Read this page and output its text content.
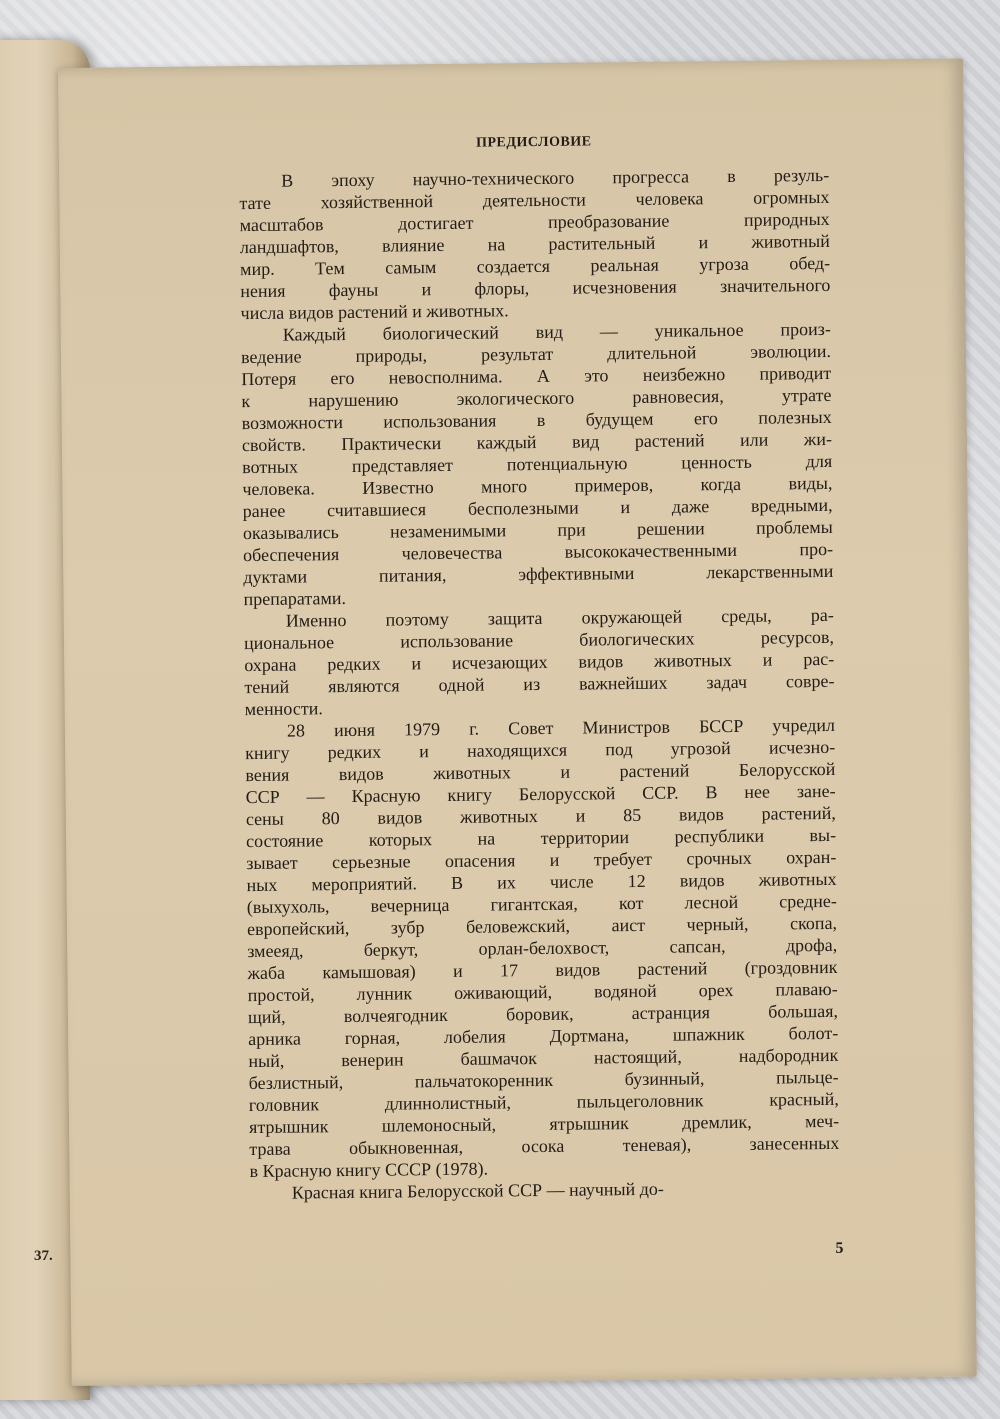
37.
ПРЕДИСЛОВИЕ
В эпоху научно-технического прогресса в резуль-
тате хозяйственной деятельности человека огромных
масштабов достигает преобразование природных
ландшафтов, влияние на растительный и животный
мир. Тем самым создается реальная угроза обед-
нения фауны и флоры, исчезновения значительного
числа видов растений и животных.
Каждый биологический вид — уникальное произ-
ведение природы, результат длительной эволюции.
Потеря его невосполнима. А это неизбежно приводит
к нарушению экологического равновесия, утрате
возможности использования в будущем его полезных
свойств. Практически каждый вид растений или жи-
вотных представляет потенциальную ценность для
человека. Известно много примеров, когда виды,
ранее считавшиеся бесполезными и даже вредными,
оказывались незаменимыми при решении проблемы
обеспечения человечества высококачественными про-
дуктами питания, эффективными лекарственными
препаратами.
Именно поэтому защита окружающей среды, ра-
циональное использование биологических ресурсов,
охрана редких и исчезающих видов животных и рас-
тений являются одной из важнейших задач совре-
менности.
28 июня 1979 г. Совет Министров БССР учредил
книгу редких и находящихся под угрозой исчезно-
вения видов животных и растений Белорусской
ССР — Красную книгу Белорусской ССР. В нее зане-
сены 80 видов животных и 85 видов растений,
состояние которых на территории республики вы-
зывает серьезные опасения и требует срочных охран-
ных мероприятий. В их числе 12 видов животных
(выхухоль, вечерница гигантская, кот лесной средне-
европейский, зубр беловежский, аист черный, скопа,
змееяд, беркут, орлан-белохвост, сапсан, дрофа,
жаба камышовая) и 17 видов растений (гроздовник
простой, лунник оживающий, водяной орех плаваю-
щий, волчеягодник боровик, астранция большая,
арника горная, лобелия Дортмана, шпажник болот-
ный, венерин башмачок настоящий, надбородник
безлистный, пальчатокоренник бузинный, пыльце-
головник длиннолистный, пыльцеголовник красный,
ятрышник шлемоносный, ятрышник дремлик, меч-
трава обыкновенная, осока теневая), занесенных
в Красную книгу СССР (1978).
Красная книга Белорусской ССР — научный до-
5
